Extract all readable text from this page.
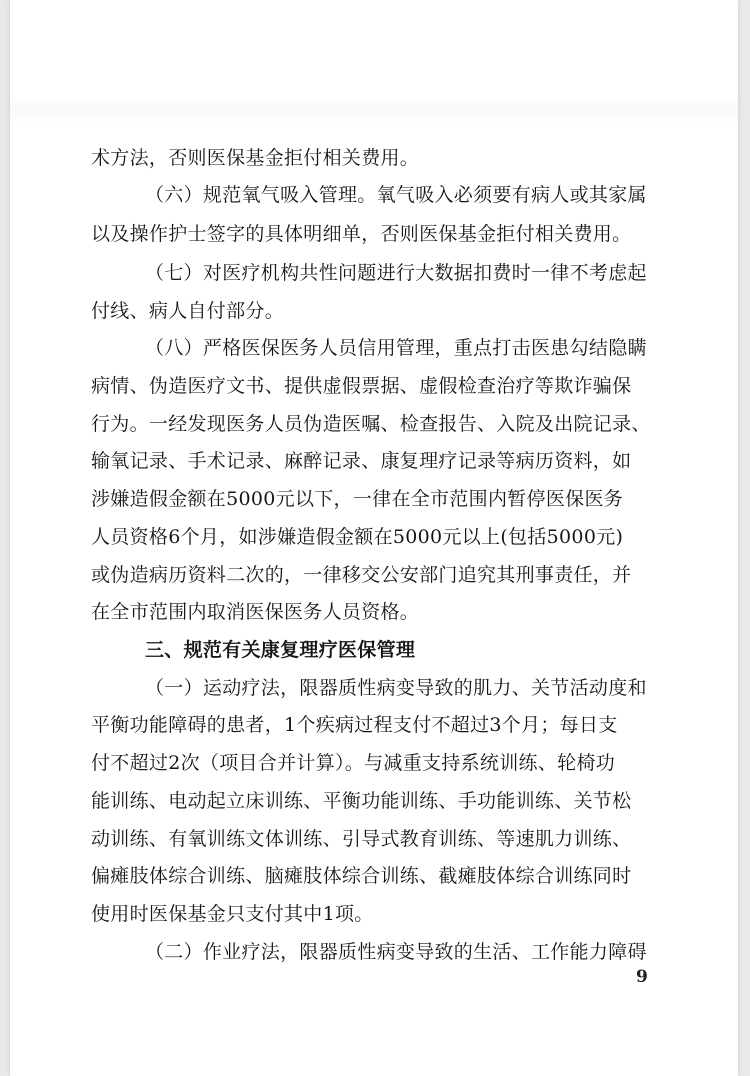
术方法，否则医保基金拒付相关费用。

（六）规范氧气吸入管理。氧气吸入必须要有病人或其家属

以及操作护士签字的具体明细单，否则医保基金拒付相关费用。

（七）对医疗机构共性问题进行大数据扣费时一律不考虑起

付线、病人自付部分。

（八）严格医保医务人员信用管理，重点打击医患勾结隐瞒

病情、伪造医疗文书、提供虚假票据、虚假检查治疗等欺诈骗保

行为。一经发现医务人员伪造医嘱、检查报告、入院及出院记录、

输氧记录、手术记录、麻醉记录、康复理疗记录等病历资料，如

涉嫌造假金额在5000元以下，一律在全市范围内暂停医保医务

人员资格6个月，如涉嫌造假金额在5000元以上(包括5000元)

或伪造病历资料二次的，一律移交公安部门追究其刑事责任，并

在全市范围内取消医保医务人员资格。

三、规范有关康复理疗医保管理

（一）运动疗法，限器质性病变导致的肌力、关节活动度和

平衡功能障碍的患者，1个疾病过程支付不超过3个月；每日支

付不超过2次（项目合并计算）。与减重支持系统训练、轮椅功

能训练、电动起立床训练、平衡功能训练、手功能训练、关节松

动训练、有氧训练文体训练、引导式教育训练、等速肌力训练、

偏瘫肢体综合训练、脑瘫肢体综合训练、截瘫肢体综合训练同时

使用时医保基金只支付其中1项。

（二）作业疗法，限器质性病变导致的生活、工作能力障碍

9
